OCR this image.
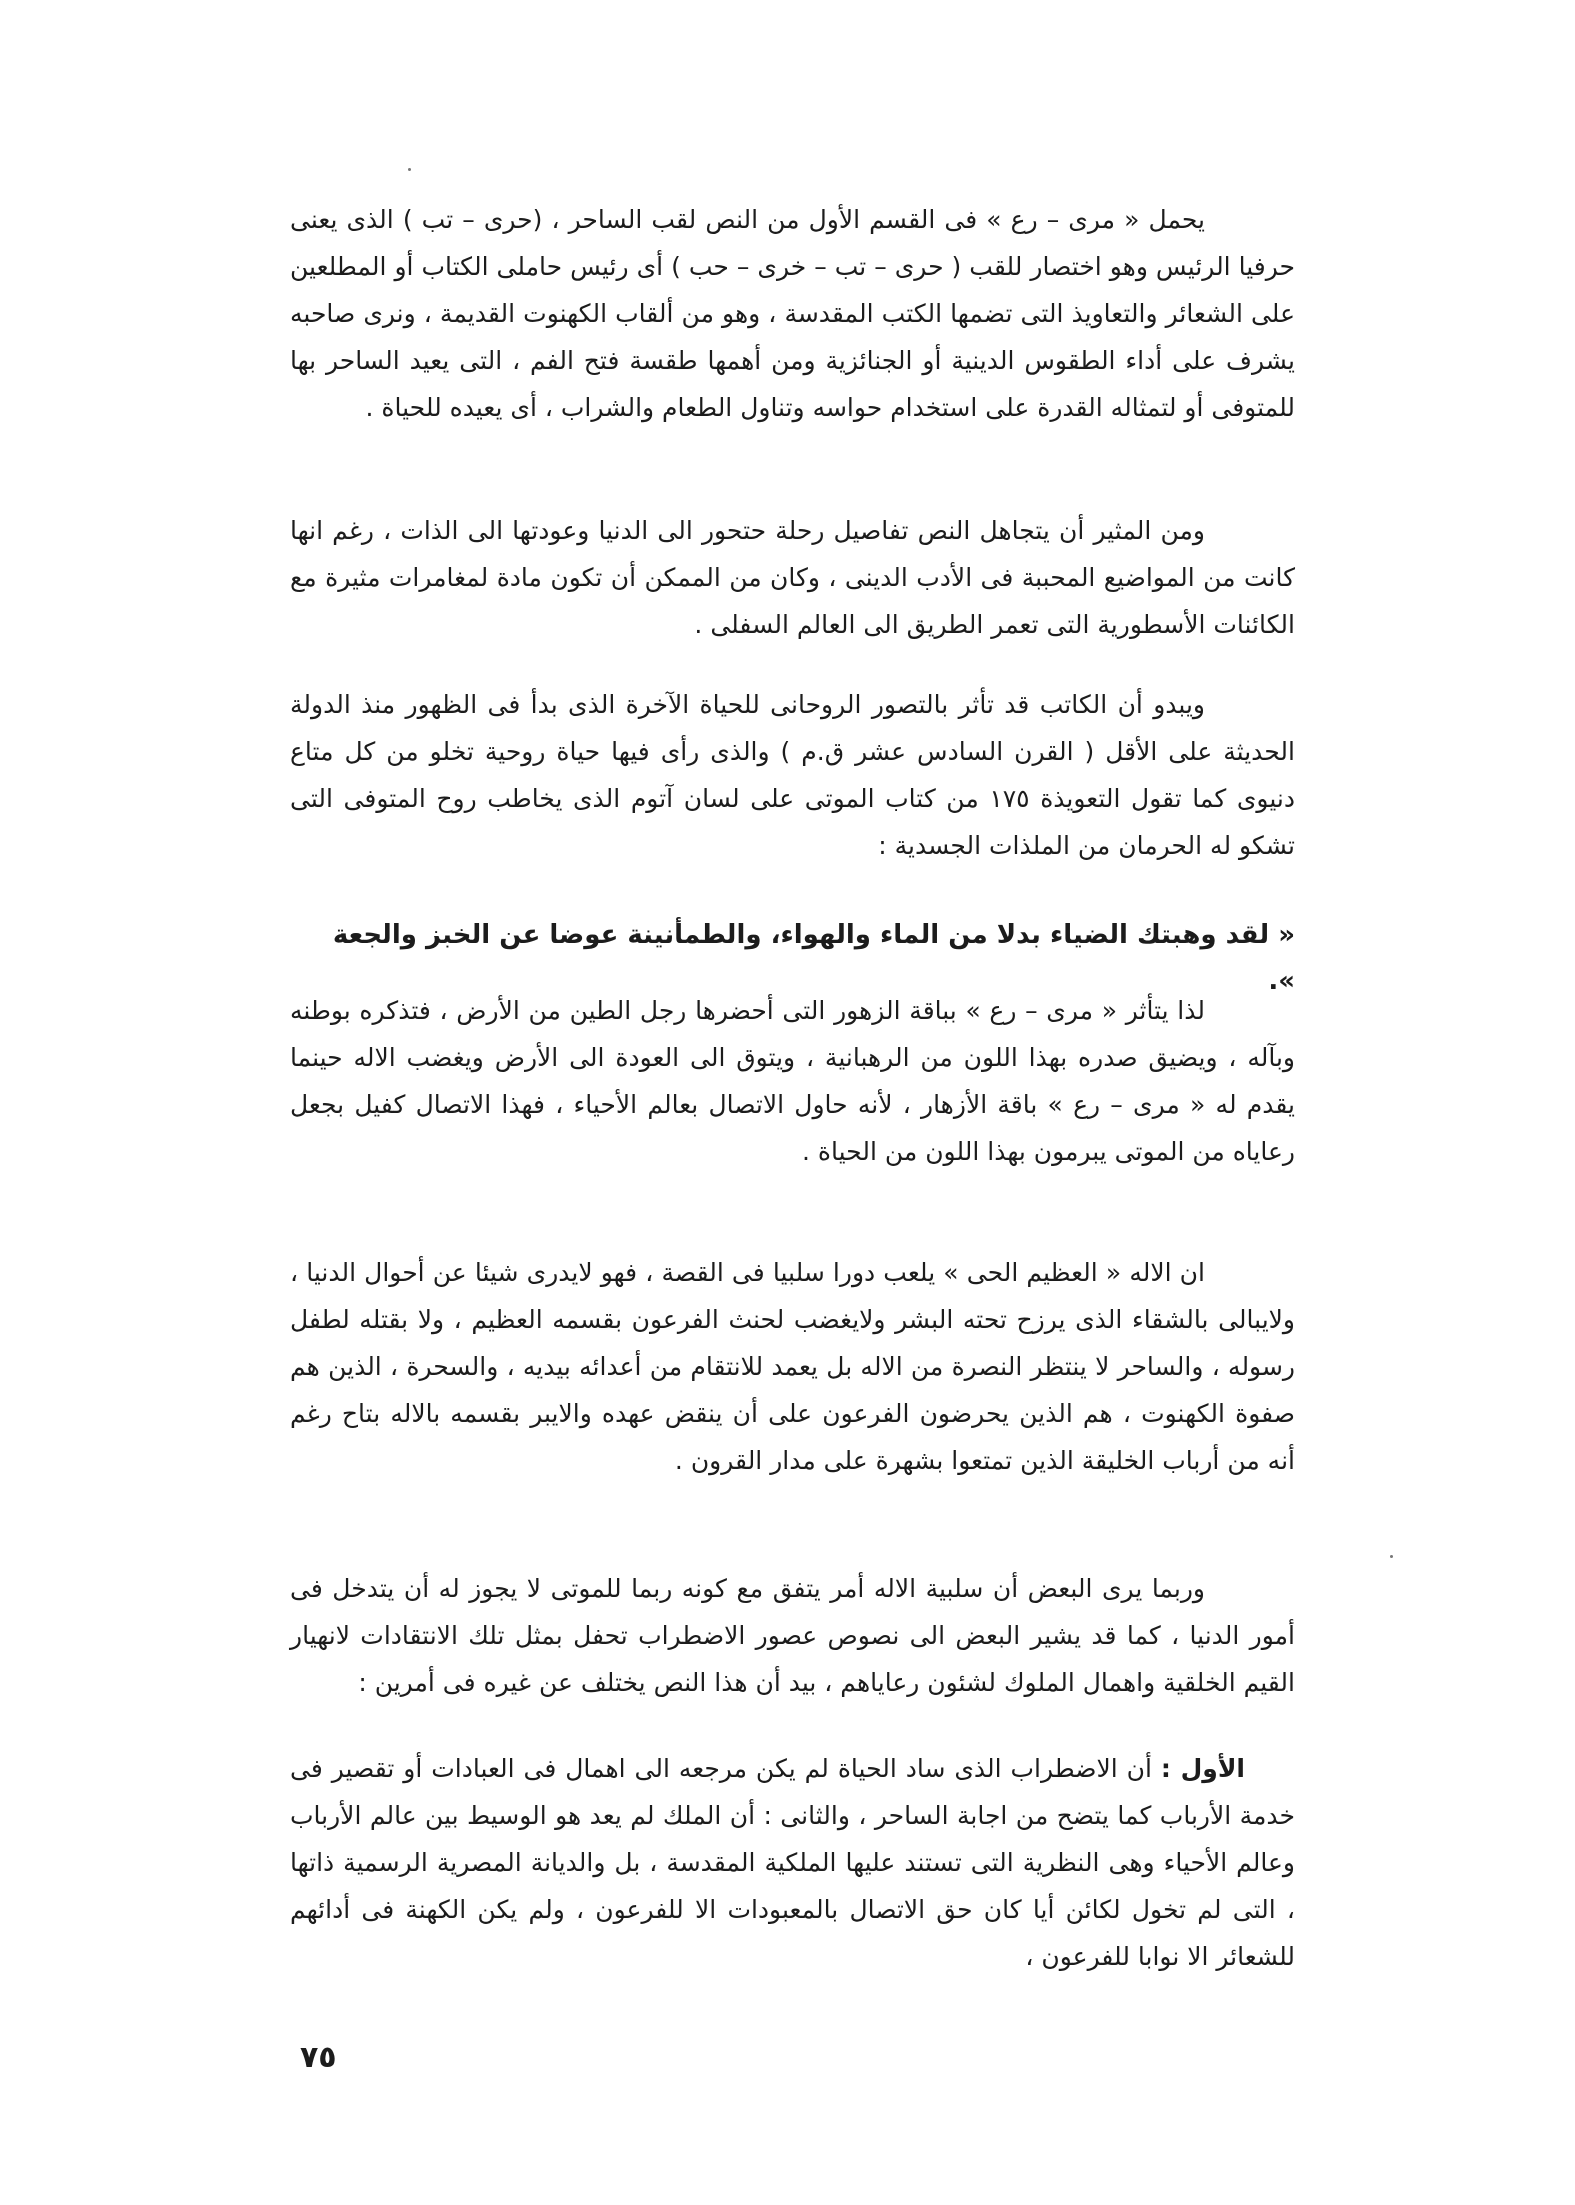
يحمل « مرى – رع » فى القسم الأول من النص لقب الساحر ، (حرى – تب ) الذى يعنى حرفيا الرئيس وهو اختصار للقب ( حرى – تب – خرى – حب ) أى رئيس حاملى الكتاب أو المطلعين على الشعائر والتعاويذ التى تضمها الكتب المقدسة ، وهو من ألقاب الكهنوت القديمة ، ونرى صاحبه يشرف على أداء الطقوس الدينية أو الجنائزية ومن أهمها طقسة فتح الفم ، التى يعيد الساحر بها للمتوفى أو لتمثاله القدرة على استخدام حواسه وتناول الطعام والشراب ، أى يعيده للحياة .

ومن المثير أن يتجاهل النص تفاصيل رحلة حتحور الى الدنيا وعودتها الى الذات ، رغم انها كانت من المواضيع المحببة فى الأدب الدينى ، وكان من الممكن أن تكون مادة لمغامرات مثيرة مع الكائنات الأسطورية التى تعمر الطريق الى العالم السفلى .

ويبدو أن الكاتب قد تأثر بالتصور الروحانى للحياة الآخرة الذى بدأ فى الظهور منذ الدولة الحديثة على الأقل ( القرن السادس عشر ق.م ) والذى رأى فيها حياة روحية تخلو من كل متاع دنيوى كما تقول التعويذة ١٧٥ من كتاب الموتى على لسان آتوم الذى يخاطب روح المتوفى التى تشكو له الحرمان من الملذات الجسدية :

« لقد وهبتك الضياء بدلا من الماء والهواء، والطمأنينة عوضا عن الخبز والجعة ».

لذا يتأثر « مرى – رع » بباقة الزهور التى أحضرها رجل الطين من الأرض ، فتذكره بوطنه وبآله ، ويضيق صدره بهذا اللون من الرهبانية ، ويتوق الى العودة الى الأرض ويغضب الاله حينما يقدم له « مرى – رع » باقة الأزهار ، لأنه حاول الاتصال بعالم الأحياء ، فهذا الاتصال كفيل بجعل رعاياه من الموتى يبرمون بهذا اللون من الحياة .

ان الاله « العظيم الحى » يلعب دورا سلبيا فى القصة ، فهو لايدرى شيئا عن أحوال الدنيا ، ولايبالى بالشقاء الذى يرزح تحته البشر ولايغضب لحنث الفرعون بقسمه العظيم ، ولا بقتله لطفل رسوله ، والساحر لا ينتظر النصرة من الاله بل يعمد للانتقام من أعدائه بيديه ، والسحرة ، الذين هم صفوة الكهنوت ، هم الذين يحرضون الفرعون على أن ينقض عهده والايبر بقسمه بالاله بتاح رغم أنه من أرباب الخليقة الذين تمتعوا بشهرة على مدار القرون .

وربما يرى البعض أن سلبية الاله أمر يتفق مع كونه ربما للموتى لا يجوز له أن يتدخل فى أمور الدنيا ، كما قد يشير البعض الى نصوص عصور الاضطراب تحفل بمثل تلك الانتقادات لانهيار القيم الخلقية واهمال الملوك لشئون رعاياهم ، بيد أن هذا النص يختلف عن غيره فى أمرين :

الأول : أن الاضطراب الذى ساد الحياة لم يكن مرجعه الى اهمال فى العبادات أو تقصير فى خدمة الأرباب كما يتضح من اجابة الساحر ، والثانى : أن الملك لم يعد هو الوسيط بين عالم الأرباب وعالم الأحياء وهى النظرية التى تستند عليها الملكية المقدسة ، بل والديانة المصرية الرسمية ذاتها ، التى لم تخول لكائن أيا كان حق الاتصال بالمعبودات الا للفرعون ، ولم يكن الكهنة فى أدائهم للشعائر الا نوابا للفرعون ،

٧٥
